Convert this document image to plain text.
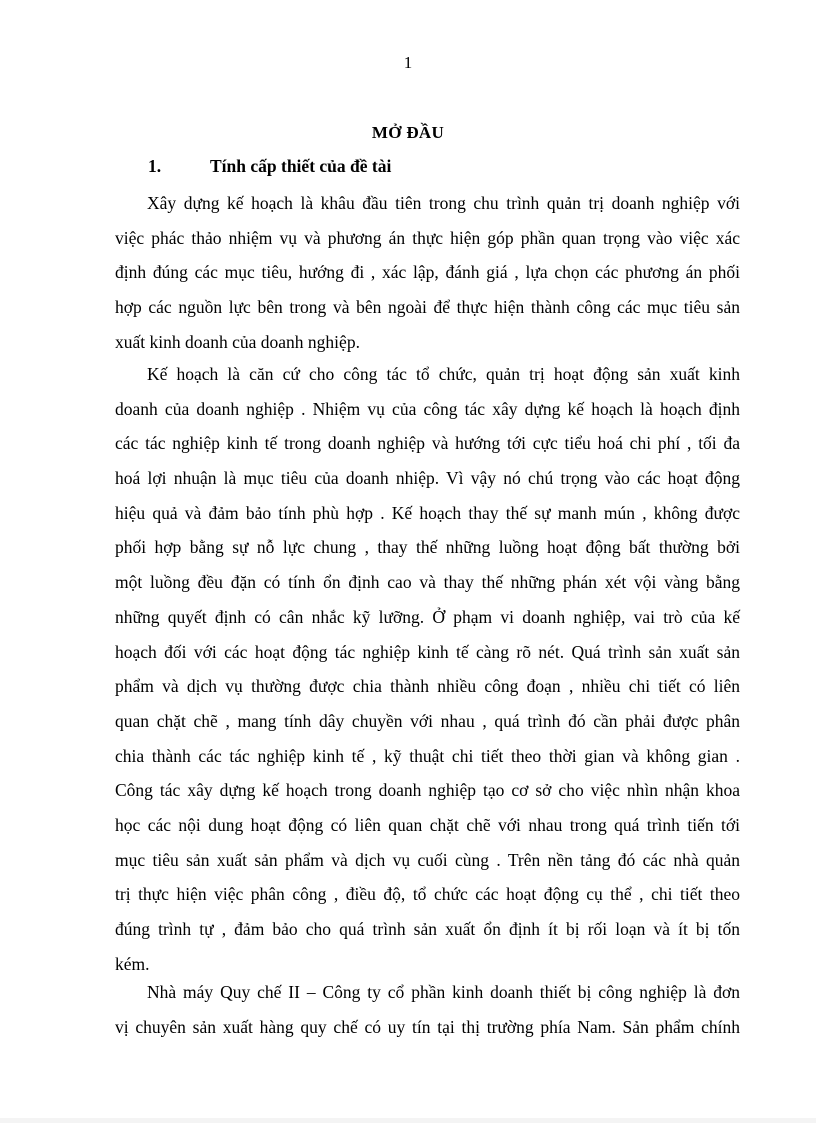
1
MỞ ĐẦU
1.	Tính cấp thiết của đề tài
Xây dựng kế hoạch là khâu đầu tiên trong chu trình quản trị doanh nghiệp với
việc phác thảo nhiệm vụ và phương án thực hiện góp phần quan trọng vào việc xác
định đúng các mục tiêu, hướng đi , xác lập, đánh giá , lựa chọn các phương án phối
hợp các nguồn lực bên trong và bên ngoài để thực hiện thành công các mục tiêu sản
xuất kinh doanh của doanh nghiệp.
Kế hoạch là căn cứ cho công tác tổ chức, quản trị hoạt động sản xuất kinh
doanh của doanh nghiệp . Nhiệm vụ của công tác xây dựng kế hoạch là hoạch định
các tác nghiệp kinh tế trong doanh nghiệp và hướng tới cực tiểu hoá chi phí , tối đa
hoá lợi nhuận là mục tiêu của doanh nhiệp. Vì vậy nó chú trọng vào các hoạt động
hiệu quả và đảm bảo tính phù hợp . Kế hoạch thay thế sự manh mún , không được
phối hợp bằng sự nỗ lực chung , thay thế những luồng hoạt động bất thường bởi
một luồng đều đặn có tính ổn định cao và thay thế những phán xét vội vàng bằng
những quyết định có cân nhắc kỹ lưỡng. Ở phạm vi doanh nghiệp, vai trò của kế
hoạch đối với các hoạt động tác nghiệp kinh tế càng rõ nét. Quá trình sản xuất sản
phẩm và dịch vụ thường được chia thành nhiều công đoạn , nhiều chi tiết có liên
quan chặt chẽ , mang tính dây chuyền với nhau , quá trình đó cần phải được phân
chia thành các tác nghiệp kinh tế , kỹ thuật chi tiết theo thời gian và không gian .
Công tác xây dựng kế hoạch trong doanh nghiệp tạo cơ sở cho việc nhìn nhận khoa
học các nội dung hoạt động có liên quan chặt chẽ với nhau trong quá trình tiến tới
mục tiêu sản xuất sản phẩm và dịch vụ cuối cùng . Trên nền tảng đó các nhà quản
trị thực hiện việc phân công , điều độ, tổ chức các hoạt động cụ thể , chi tiết theo
đúng trình tự , đảm bảo cho quá trình sản xuất ổn định ít bị rối loạn và ít bị tốn
kém.
Nhà máy Quy chế II – Công ty cổ phần kinh doanh thiết bị công nghiệp là đơn
vị chuyên sản xuất hàng quy chế có uy tín tại thị trường phía Nam. Sản phẩm chính
